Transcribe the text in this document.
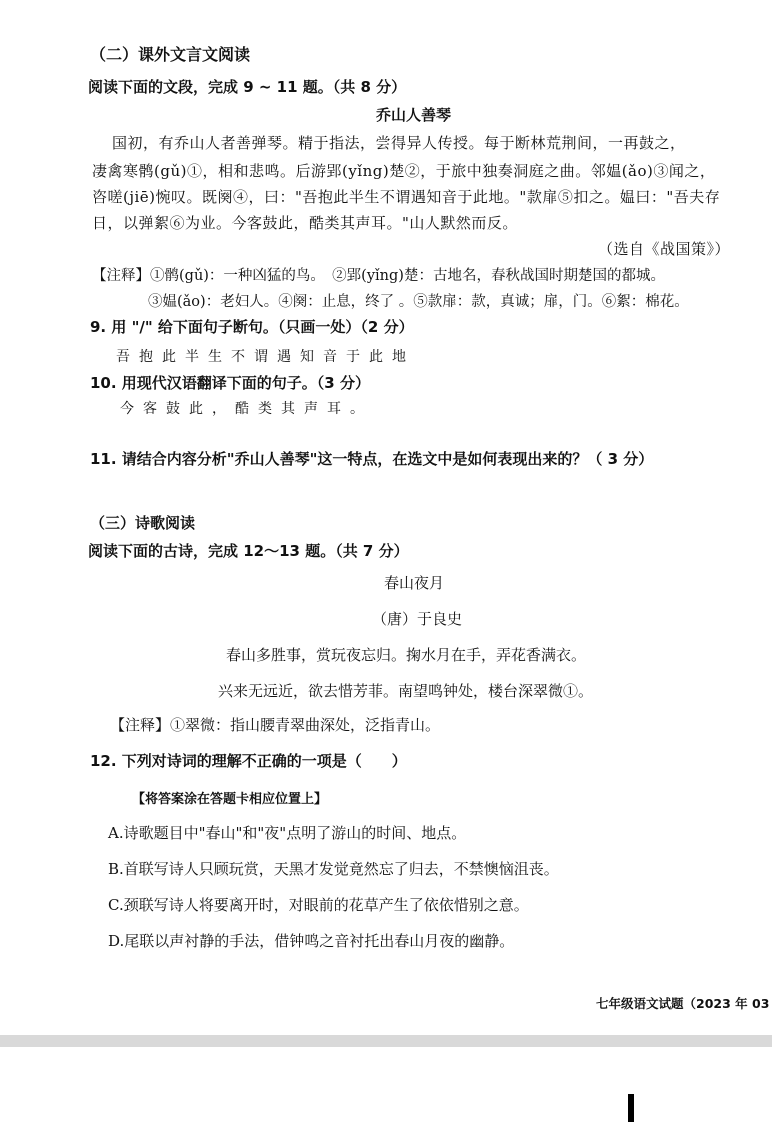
（二）课外文言文阅读
阅读下面的文段，完成 9 ~ 11 题。（共 8 分）
乔山人善琴
国初，有乔山人者善弹琴。精于指法，尝得异人传授。每于断林荒荆间，一再鼓之，
凄禽寒鹘(gǔ)①，相和悲鸣。后游郢(yǐng)楚②，于旅中独奏洞庭之曲。邻媪(ǎo)③闻之，
咨嗟(jiē)惋叹。既阕④，曰："吾抱此半生不谓遇知音于此地。"款扉⑤扣之。媪曰："吾夫存
日，以弹絮⑥为业。今客鼓此，酷类其声耳。"山人默然而反。
（选自《战国策》）
【注释】①鹘(gǔ)：一种凶猛的鸟。　②郢(yǐng)楚：古地名，春秋战国时期楚国的都城。
③媪(ǎo)：老妇人。④阕：止息，终了 。⑤款扉：款，真诚；扉，门。⑥絮：棉花。
9. 用 "/" 给下面句子断句。（只画一处）（2 分）
吾抱此半生不谓遇知音于此地
10. 用现代汉语翻译下面的句子。（3 分）
今客鼓此，酷类其声耳。
11. 请结合内容分析"乔山人善琴"这一特点，在选文中是如何表现出来的？（ 3 分）
（三）诗歌阅读
阅读下面的古诗，完成 12～13 题。（共 7 分）
春山夜月
（唐）于良史
春山多胜事，赏玩夜忘归。掬水月在手，弄花香满衣。
兴来无远近，欲去惜芳菲。南望鸣钟处，楼台深翠微①。
【注释】①翠微：指山腰青翠曲深处，泛指青山。
12. 下列对诗词的理解不正确的一项是（　　）
【将答案涂在答题卡相应位置上】
A.诗歌题目中"春山"和"夜"点明了游山的时间、地点。
B.首联写诗人只顾玩赏，天黑才发觉竟然忘了归去，不禁懊恼沮丧。
C.颈联写诗人将要离开时，对眼前的花草产生了依依惜别之意。
D.尾联以声衬静的手法，借钟鸣之音衬托出春山月夜的幽静。
七年级语文试题（2023 年 03
